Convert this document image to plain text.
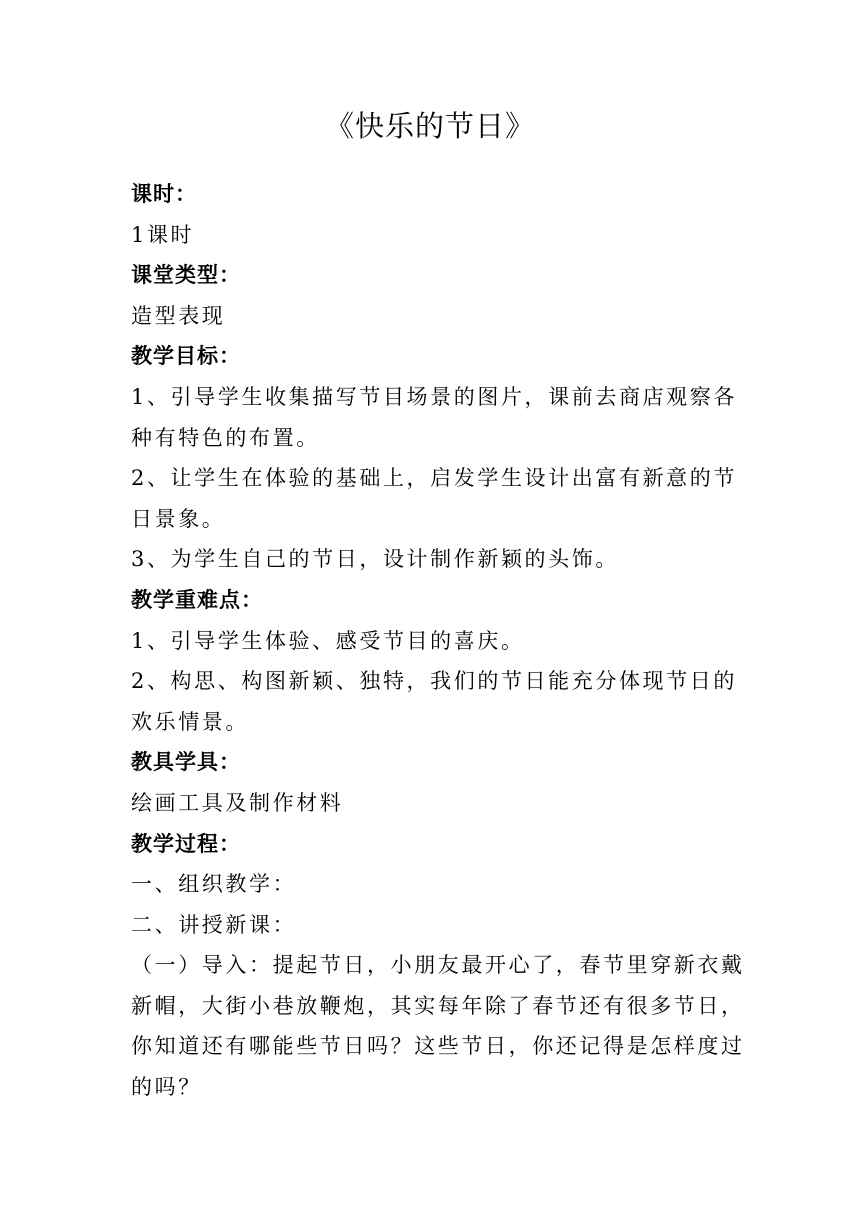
《快乐的节日》
课时：
1课时
课堂类型：
造型表现
教学目标：
1、引导学生收集描写节目场景的图片，课前去商店观察各
种有特色的布置。
2、让学生在体验的基础上，启发学生设计出富有新意的节
日景象。
3、为学生自己的节日，设计制作新颖的头饰。
教学重难点：
1、引导学生体验、感受节目的喜庆。
2、构思、构图新颖、独特，我们的节日能充分体现节日的
欢乐情景。
教具学具：
绘画工具及制作材料
教学过程：
一、组织教学：
二、讲授新课：
（一）导入：提起节日，小朋友最开心了，春节里穿新衣戴
新帽，大街小巷放鞭炮，其实每年除了春节还有很多节日，
你知道还有哪能些节日吗？这些节日，你还记得是怎样度过
的吗？
